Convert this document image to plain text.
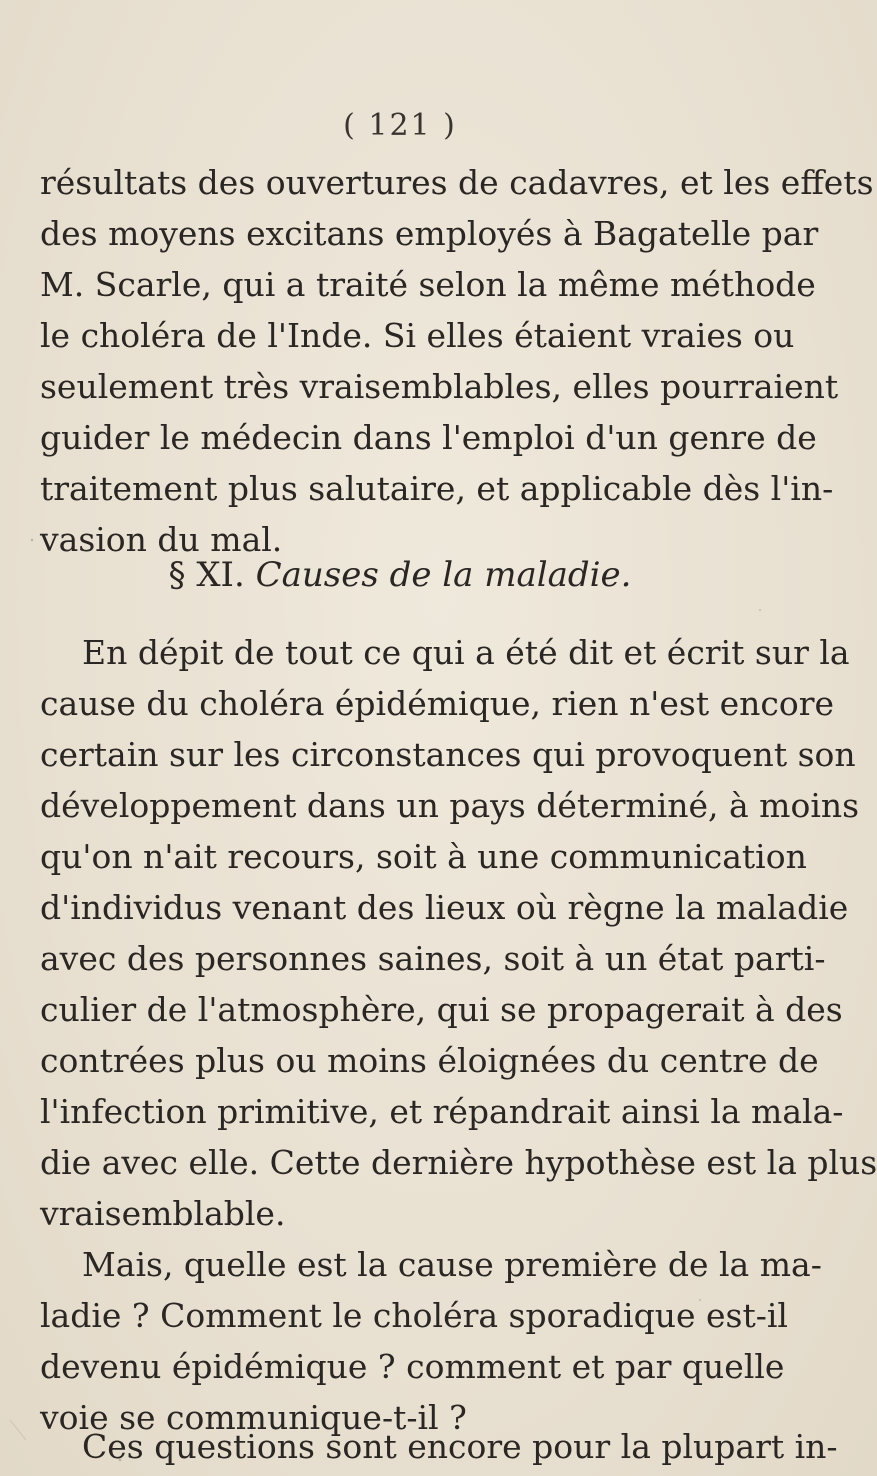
( 121 )
résultats des ouvertures de cadavres, et les effets
des moyens excitans employés à Bagatelle par
M. Scarle, qui a traité selon la même méthode
le choléra de l'Inde. Si elles étaient vraies ou
seulement très vraisemblables, elles pourraient
guider le médecin dans l'emploi d'un genre de
traitement plus salutaire, et applicable dès l'in-
vasion du mal.
§ XI. Causes de la maladie.
En dépit de tout ce qui a été dit et écrit sur la
cause du choléra épidémique, rien n'est encore
certain sur les circonstances qui provoquent son
développement dans un pays déterminé, à moins
qu'on n'ait recours, soit à une communication
d'individus venant des lieux où règne la maladie
avec des personnes saines, soit à un état parti-
culier de l'atmosphère, qui se propagerait à des
contrées plus ou moins éloignées du centre de
l'infection primitive, et répandrait ainsi la mala-
die avec elle. Cette dernière hypothèse est la plus
vraisemblable.
Mais, quelle est la cause première de la ma-
ladie ? Comment le choléra sporadique est-il
devenu épidémique ? comment et par quelle
voie se communique-t-il ?
Ces questions sont encore pour la plupart in-
